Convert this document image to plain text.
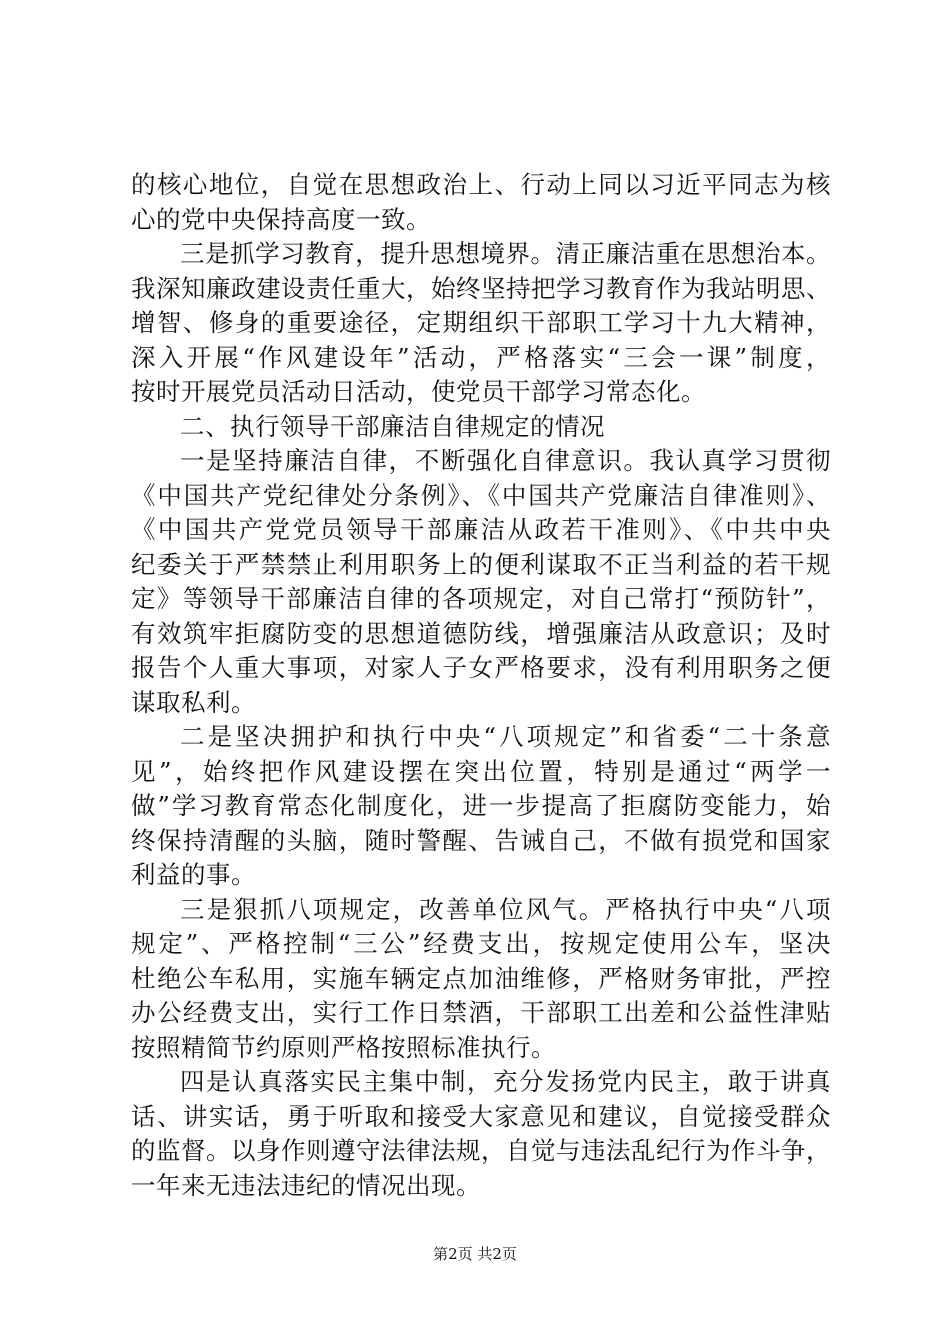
的核心地位，自觉在思想政治上、行动上同以习近平同志为核
心的党中央保持高度一致。
三是抓学习教育，提升思想境界。清正廉洁重在思想治本。
我深知廉政建设责任重大，始终坚持把学习教育作为我站明思、
增智、修身的重要途径，定期组织干部职工学习十九大精神，
深入开展“作风建设年”活动，严格落实“三会一课”制度，
按时开展党员活动日活动，使党员干部学习常态化。
二、执行领导干部廉洁自律规定的情况
一是坚持廉洁自律，不断强化自律意识。我认真学习贯彻
《中国共产党纪律处分条例》、《中国共产党廉洁自律准则》、
《中国共产党党员领导干部廉洁从政若干准则》、《中共中央
纪委关于严禁禁止利用职务上的便利谋取不正当利益的若干规
定》等领导干部廉洁自律的各项规定，对自己常打“预防针”，
有效筑牢拒腐防变的思想道德防线，增强廉洁从政意识；及时
报告个人重大事项，对家人子女严格要求，没有利用职务之便
谋取私利。
二是坚决拥护和执行中央“八项规定”和省委“二十条意
见”，始终把作风建设摆在突出位置，特别是通过“两学一
做”学习教育常态化制度化，进一步提高了拒腐防变能力，始
终保持清醒的头脑，随时警醒、告诫自己，不做有损党和国家
利益的事。
三是狠抓八项规定，改善单位风气。严格执行中央“八项
规定”、严格控制“三公”经费支出，按规定使用公车，坚决
杜绝公车私用，实施车辆定点加油维修，严格财务审批，严控
办公经费支出，实行工作日禁酒，干部职工出差和公益性津贴
按照精简节约原则严格按照标准执行。
四是认真落实民主集中制，充分发扬党内民主，敢于讲真
话、讲实话，勇于听取和接受大家意见和建议，自觉接受群众
的监督。以身作则遵守法律法规，自觉与违法乱纪行为作斗争，
一年来无违法违纪的情况出现。
第2页 共2页
